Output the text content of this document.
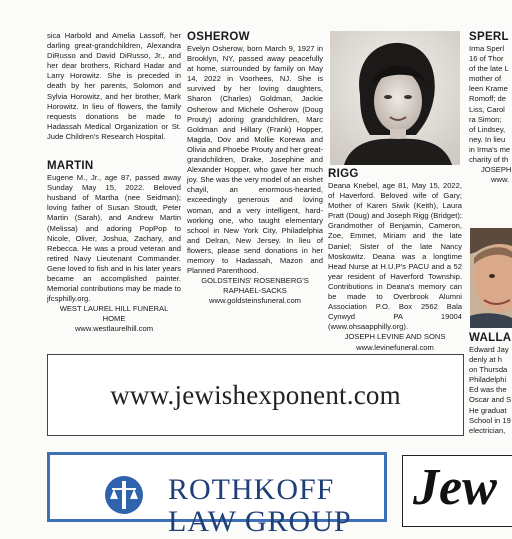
sica Harbold and Amelia Lassoff, her darling great-grandchildren, Alexandra DiRusso and David DiRusso, Jr., and her dear brothers, Richard Hadar and Larry Horowitz. She is preceded in death by her parents, Solomon and Sylvia Horowitz, and her brother, Mark Horowitz. In lieu of flowers, the family requests donations be made to Hadassah Medical Organization or St. Jude Children's Research Hospital.

MARTIN

Eugene M., Jr., age 87, passed away Sunday May 15, 2022. Beloved husband of Martha (nee Seidman); loving father of Susan Stoudt, Peter Martin (Sarah), and Andrew Martin (Melissa) and adoring PopPop to Nicole, Oliver, Joshua, Zachary, and Rebecca. He was a proud veteran and retired Navy Lieutenant Commander. Gene loved to fish and in his later years became an accomplished painter. Memorial contributions may be made to jfcsphilly.org.

WEST LAUREL HILL FUNERAL HOME

www.westlaurelhill.com

OSHEROW

Evelyn Osherow, born March 9, 1927 in Brooklyn, NY, passed away peacefully at home, surrounded by family on May 14, 2022 in Voorhees, NJ. She is survived by her loving daughters, Sharon (Charles) Goldman, Jackie Osherow and Michele Osherow (Doug Prouty) adoring grandchildren, Marc Goldman and Hillary (Frank) Hopper, Magda, Dov and Mollie Korewa and Olivia and Phoebe Prouty and her great-grandchildren, Drake, Josephine and Alexander Hopper, who gave her much joy. She was the very model of an eishet chayil, an enormous-hearted, exceedingly generous and loving woman, and a very intelligent, hard-working one, who taught elementary school in New York City, Philadelphia and Delran, New Jersey. In lieu of flowers, please send donations in her memory to Hadassah, Mazon and Planned Parenthood.

GOLDSTEINS' ROSENBERG'S RAPHAEL-SACKS

www.goldsteinsfuneral.com

RIGG

Deana Knebel, age 81, May 15, 2022, of Haverford. Beloved wife of Gary; Mother of Karen Siwik (Keith), Laura Pratt (Doug) and Joseph Rigg (Bridget); Grandmother of Benjamin, Cameron, Zoe, Emmet, Miriam and the late Daniel; Sister of the late Nancy Moskowitz. Deana was a longtime Head Nurse at H.U.P's PACU and a 52 year resident of Haverford Township. Contributions in Deana's memory can be made to Overbrook Alumni Association P.O. Box 2562 Bala Cynwyd PA 19004 (www.ohsaapphilly.org).

JOSEPH LEVINE AND SONS

www.levinefuneral.com

SPERL
Irma Sperl
16 of Thor
of the late L
mother of
leen Krame
Romoff; de
Liss, Carol
ra Simon;
of Lindsey,
ney. In lieu
in Irma's me
charity of th

JOSEPH

www.

WALLA
Edward Jay
denly at h
on Thursda
Philadelphi
Ed was the
Oscar and S
He graduat
School in 19
electrician,
www.jewishexponent.com
ROTHKOFF
LAW GROUP
Jew
